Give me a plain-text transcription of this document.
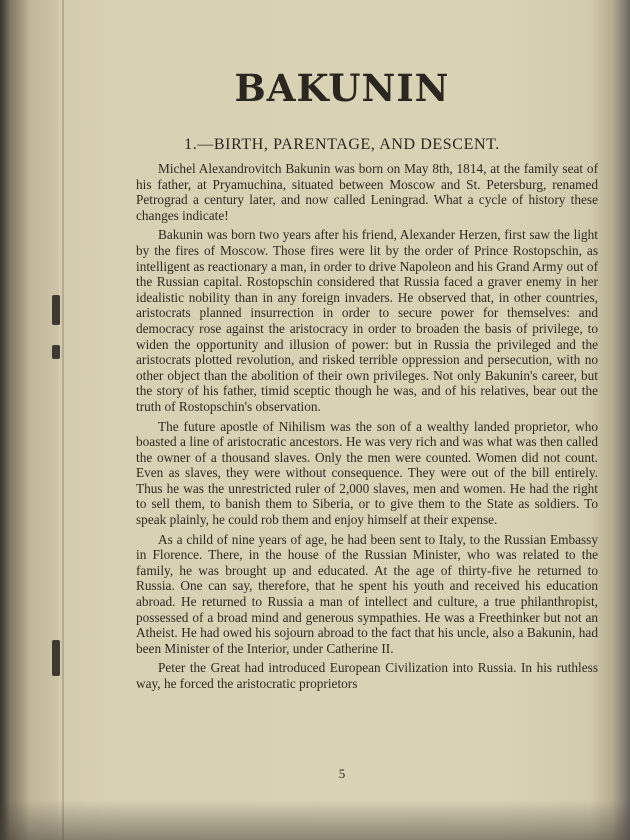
BAKUNIN
1.—BIRTH, PARENTAGE, AND DESCENT.

Michel Alexandrovitch Bakunin was born on May 8th, 1814, at the family seat of his father, at Pryamuchina, situated between Moscow and St. Petersburg, renamed Petrograd a century later, and now called Leningrad. What a cycle of history these changes indicate!

Bakunin was born two years after his friend, Alexander Herzen, first saw the light by the fires of Moscow. Those fires were lit by the order of Prince Rostopschin, as intelligent as reactionary a man, in order to drive Napoleon and his Grand Army out of the Russian capital. Rostopschin considered that Russia faced a graver enemy in her idealistic nobility than in any foreign invaders. He observed that, in other countries, aristocrats planned insurrection in order to secure power for themselves: and democracy rose against the aristocracy in order to broaden the basis of privilege, to widen the opportunity and illusion of power: but in Russia the privileged and the aristocrats plotted revolution, and risked terrible oppression and persecution, with no other object than the abolition of their own privileges. Not only Bakunin's career, but the story of his father, timid sceptic though he was, and of his relatives, bear out the truth of Rostopschin's observation.

The future apostle of Nihilism was the son of a wealthy landed proprietor, who boasted a line of aristocratic ancestors. He was very rich and was what was then called the owner of a thousand slaves. Only the men were counted. Women did not count. Even as slaves, they were without consequence. They were out of the bill entirely. Thus he was the unrestricted ruler of 2,000 slaves, men and women. He had the right to sell them, to banish them to Siberia, or to give them to the State as soldiers. To speak plainly, he could rob them and enjoy himself at their expense.

As a child of nine years of age, he had been sent to Italy, to the Russian Embassy in Florence. There, in the house of the Russian Minister, who was related to the family, he was brought up and educated. At the age of thirty-five he returned to Russia. One can say, therefore, that he spent his youth and received his education abroad. He returned to Russia a man of intellect and culture, a true philanthropist, possessed of a broad mind and generous sympathies. He was a Freethinker but not an Atheist. He had owed his sojourn abroad to the fact that his uncle, also a Bakunin, had been Minister of the Interior, under Catherine II.

Peter the Great had introduced European Civilization into Russia. In his ruthless way, he forced the aristocratic proprietors

5
